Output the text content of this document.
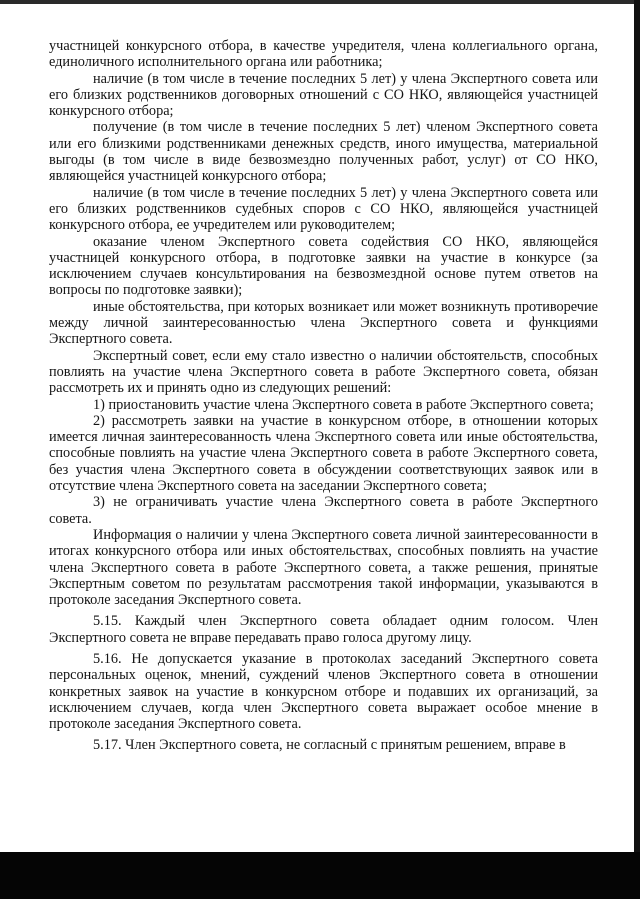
участницей конкурсного отбора, в качестве учредителя, члена коллегиального органа, единоличного исполнительного органа или работника;

наличие (в том числе в течение последних 5 лет) у члена Экспертного совета или его близких родственников договорных отношений с СО НКО, являющейся участницей конкурсного отбора;

получение (в том числе в течение последних 5 лет) членом Экспертного совета или его близкими родственниками денежных средств, иного имущества, материальной выгоды (в том числе в виде безвозмездно полученных работ, услуг) от СО НКО, являющейся участницей конкурсного отбора;

наличие (в том числе в течение последних 5 лет) у члена Экспертного совета или его близких родственников судебных споров с СО НКО, являющейся участницей конкурсного отбора, ее учредителем или руководителем;

оказание членом Экспертного совета содействия СО НКО, являющейся участницей конкурсного отбора, в подготовке заявки на участие в конкурсе (за исключением случаев консультирования на безвозмездной основе путем ответов на вопросы по подготовке заявки);

иные обстоятельства, при которых возникает или может возникнуть противоречие между личной заинтересованностью члена Экспертного совета и функциями Экспертного совета.

Экспертный совет, если ему стало известно о наличии обстоятельств, способных повлиять на участие члена Экспертного совета в работе Экспертного совета, обязан рассмотреть их и принять одно из следующих решений:

1) приостановить участие члена Экспертного совета в работе Экспертного совета;

2) рассмотреть заявки на участие в конкурсном отборе, в отношении которых имеется личная заинтересованность члена Экспертного совета или иные обстоятельства, способные повлиять на участие члена Экспертного совета в работе Экспертного совета, без участия члена Экспертного совета в обсуждении соответствующих заявок или в отсутствие члена Экспертного совета на заседании Экспертного совета;

3) не ограничивать участие члена Экспертного совета в работе Экспертного совета.

Информация о наличии у члена Экспертного совета личной заинтересованности в итогах конкурсного отбора или иных обстоятельствах, способных повлиять на участие члена Экспертного совета в работе Экспертного совета, а также решения, принятые Экспертным советом по результатам рассмотрения такой информации, указываются в протоколе заседания Экспертного совета.

5.15. Каждый член Экспертного совета обладает одним голосом. Член Экспертного совета не вправе передавать право голоса другому лицу.

5.16. Не допускается указание в протоколах заседаний Экспертного совета персональных оценок, мнений, суждений членов Экспертного совета в отношении конкретных заявок на участие в конкурсном отборе и подавших их организаций, за исключением случаев, когда член Экспертного совета выражает особое мнение в протоколе заседания Экспертного совета.

5.17. Член Экспертного совета, не согласный с принятым решением, вправе в
